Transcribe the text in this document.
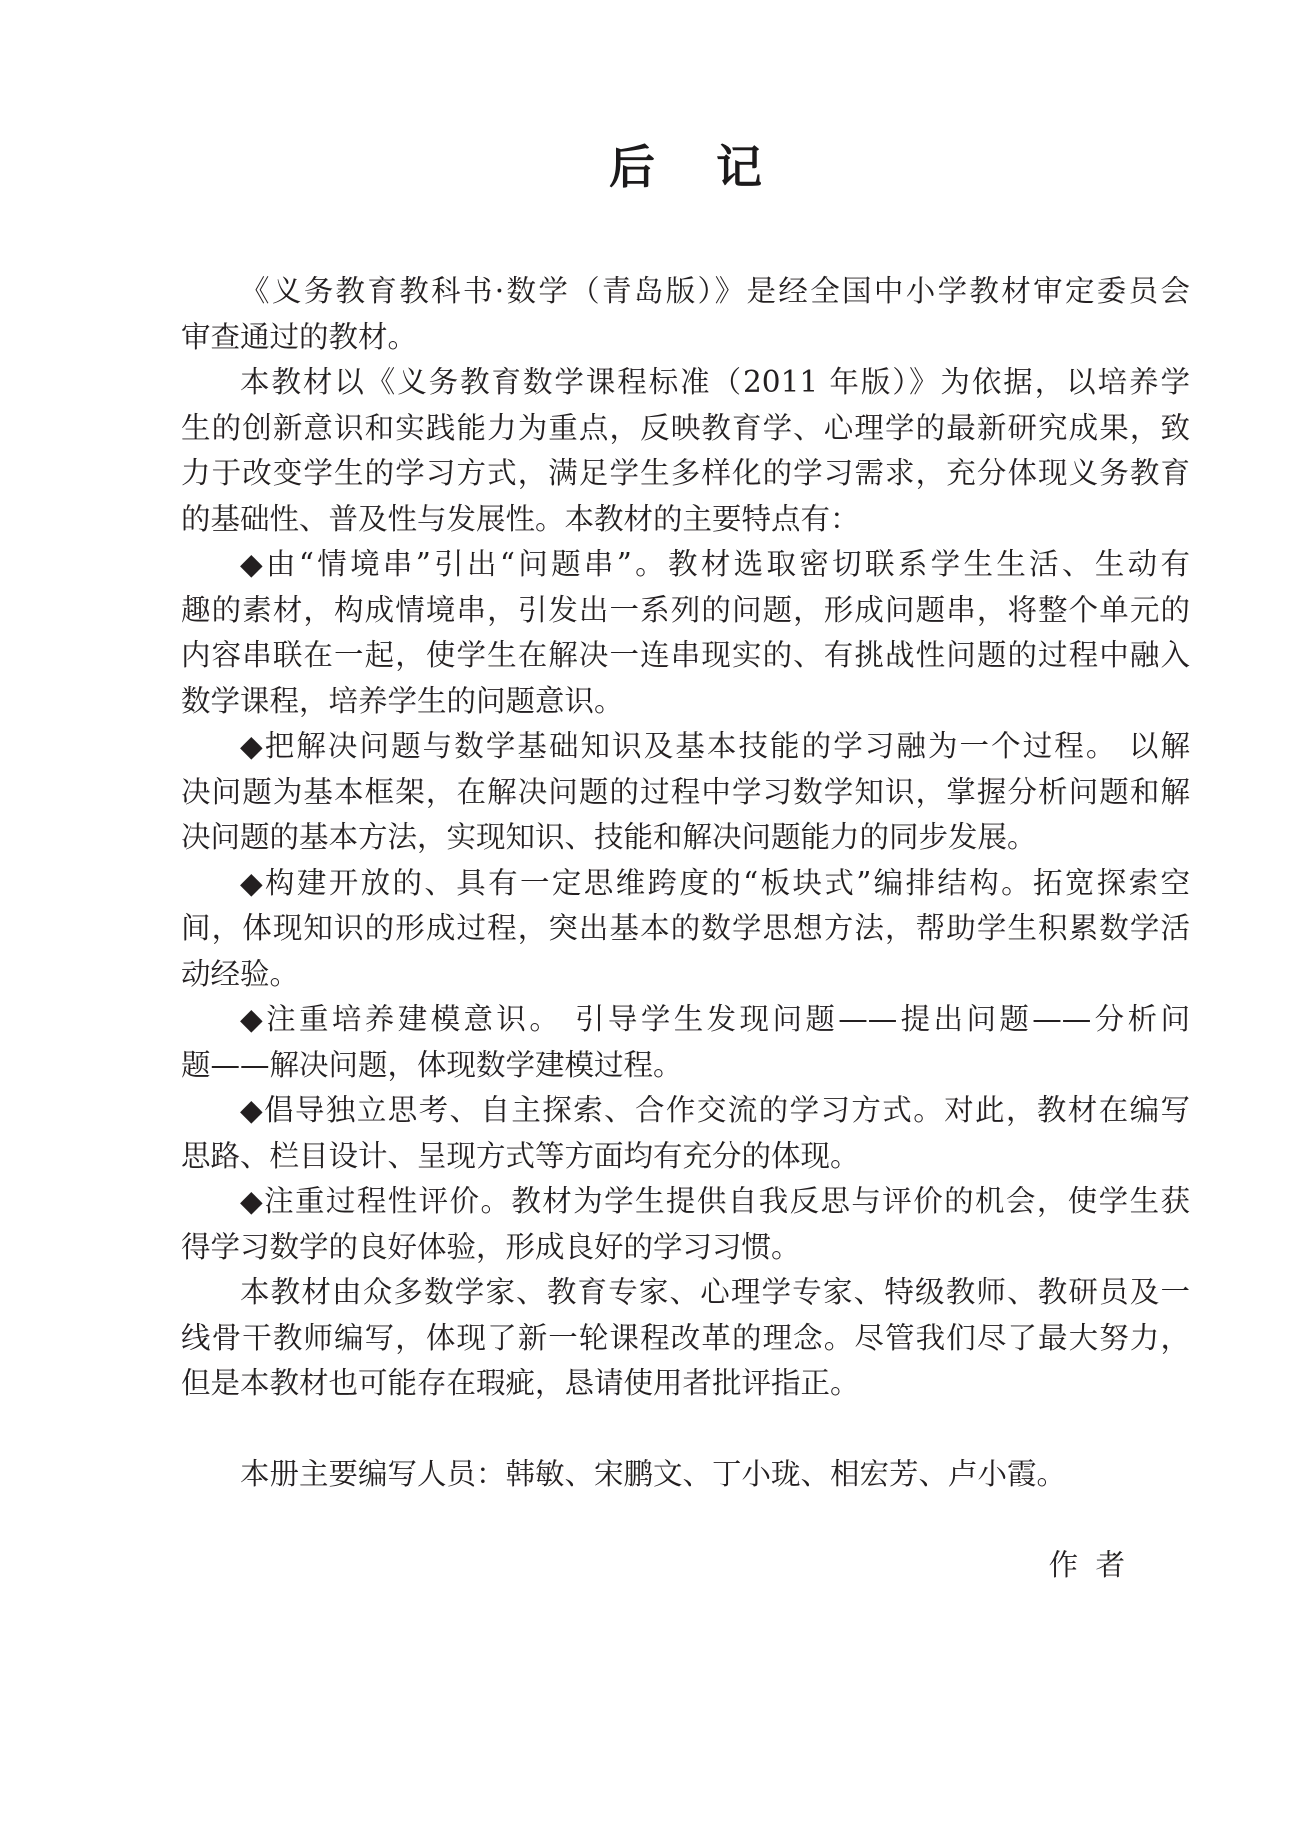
后 记
《义务教育教科书·数学（青岛版）》是经全国中小学教材审定委员会
审查通过的教材。
本教材以《义务教育数学课程标准（2011 年版）》为依据，以培养学
生的创新意识和实践能力为重点，反映教育学、心理学的最新研究成果，致
力于改变学生的学习方式，满足学生多样化的学习需求，充分体现义务教育
的基础性、普及性与发展性。本教材的主要特点有：
◆由“情境串”引出“问题串”。教材选取密切联系学生生活、生动有
趣的素材，构成情境串，引发出一系列的问题，形成问题串，将整个单元的
内容串联在一起，使学生在解决一连串现实的、有挑战性问题的过程中融入
数学课程，培养学生的问题意识。
◆把解决问题与数学基础知识及基本技能的学习融为一个过程。 以解
决问题为基本框架，在解决问题的过程中学习数学知识，掌握分析问题和解
决问题的基本方法，实现知识、技能和解决问题能力的同步发展。
◆构建开放的、具有一定思维跨度的“板块式”编排结构。拓宽探索空
间，体现知识的形成过程，突出基本的数学思想方法，帮助学生积累数学活
动经验。
◆注重培养建模意识。 引导学生发现问题——提出问题——分析问
题——解决问题，体现数学建模过程。
◆倡导独立思考、自主探索、合作交流的学习方式。对此，教材在编写
思路、栏目设计、呈现方式等方面均有充分的体现。
◆注重过程性评价。教材为学生提供自我反思与评价的机会，使学生获
得学习数学的良好体验，形成良好的学习习惯。
本教材由众多数学家、教育专家、心理学专家、特级教师、教研员及一
线骨干教师编写，体现了新一轮课程改革的理念。尽管我们尽了最大努力，
但是本教材也可能存在瑕疵，恳请使用者批评指正。
本册主要编写人员：韩敏、宋鹏文、丁小珑、相宏芳、卢小霞。
作 者
